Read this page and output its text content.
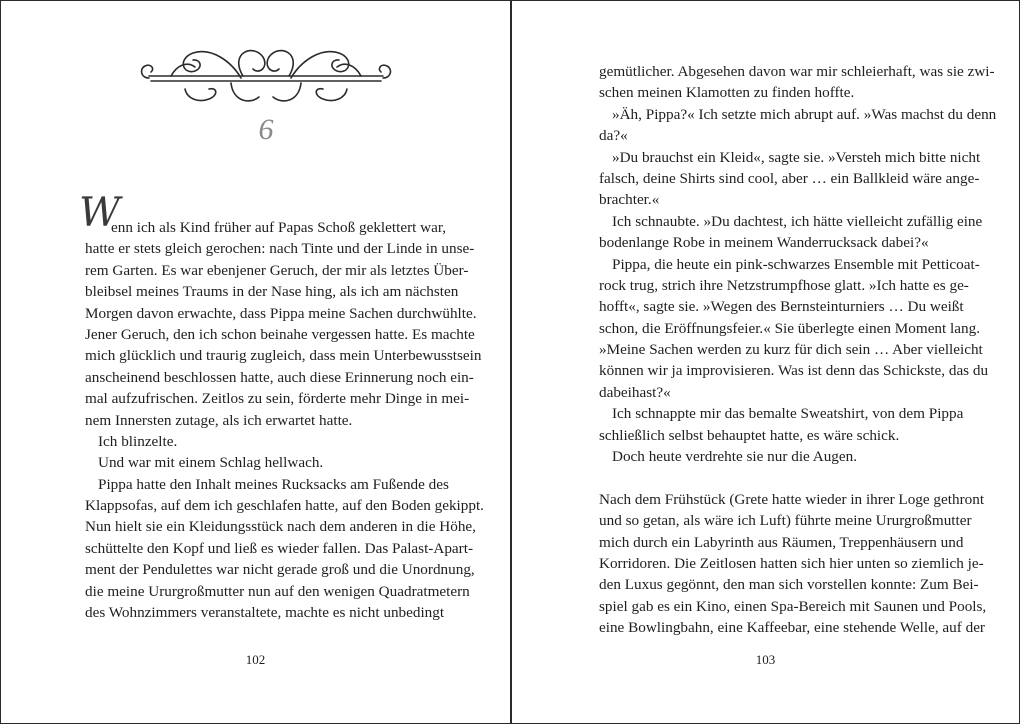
6
W
enn ich als Kind früher auf Papas Schoß geklettert war,
hatte er stets gleich gerochen: nach Tinte und der Linde in unse-
rem Garten. Es war ebenjener Geruch, der mir als letztes Über-
bleibsel meines Traums in der Nase hing, als ich am nächsten
Morgen davon erwachte, dass Pippa meine Sachen durchwühlte.
Jener Geruch, den ich schon beinahe vergessen hatte. Es machte
mich glücklich und traurig zugleich, dass mein Unterbewusstsein
anscheinend beschlossen hatte, auch diese Erinnerung noch ein-
mal aufzufrischen. Zeitlos zu sein, förderte mehr Dinge in mei-
nem Innersten zutage, als ich erwartet hatte.
Ich blinzelte.
Und war mit einem Schlag hellwach.
Pippa hatte den Inhalt meines Rucksacks am Fußende des
Klappsofas, auf dem ich geschlafen hatte, auf den Boden gekippt.
Nun hielt sie ein Kleidungsstück nach dem anderen in die Höhe,
schüttelte den Kopf und ließ es wieder fallen. Das Palast-Apart-
ment der Pendulettes war nicht gerade groß und die Unordnung,
die meine Ururgroßmutter nun auf den wenigen Quadratmetern
des Wohnzimmers veranstaltete, machte es nicht unbedingt
102
gemütlicher. Abgesehen davon war mir schleierhaft, was sie zwi-
schen meinen Klamotten zu finden hoffte.
»Äh, Pippa?« Ich setzte mich abrupt auf. »Was machst du denn
da?«
»Du brauchst ein Kleid«, sagte sie. »Versteh mich bitte nicht
falsch, deine Shirts sind cool, aber … ein Ballkleid wäre ange-
brachter.«
Ich schnaubte. »Du dachtest, ich hätte vielleicht zufällig eine
bodenlange Robe in meinem Wanderrucksack dabei?«
Pippa, die heute ein pink-schwarzes Ensemble mit Petticoat-
rock trug, strich ihre Netzstrumpfhose glatt. »Ich hatte es ge-
hofft«, sagte sie. »Wegen des Bernsteinturniers … Du weißt
schon, die Eröffnungsfeier.« Sie überlegte einen Moment lang.
»Meine Sachen werden zu kurz für dich sein … Aber vielleicht
können wir ja improvisieren. Was ist denn das Schickste, das du
dabeihast?«
Ich schnappte mir das bemalte Sweatshirt, von dem Pippa
schließlich selbst behauptet hatte, es wäre schick.
Doch heute verdrehte sie nur die Augen.
Nach dem Frühstück (Grete hatte wieder in ihrer Loge gethront
und so getan, als wäre ich Luft) führte meine Ururgroßmutter
mich durch ein Labyrinth aus Räumen, Treppenhäusern und
Korridoren. Die Zeitlosen hatten sich hier unten so ziemlich je-
den Luxus gegönnt, den man sich vorstellen konnte: Zum Bei-
spiel gab es ein Kino, einen Spa-Bereich mit Saunen und Pools,
eine Bowlingbahn, eine Kaffeebar, eine stehende Welle, auf der
103
